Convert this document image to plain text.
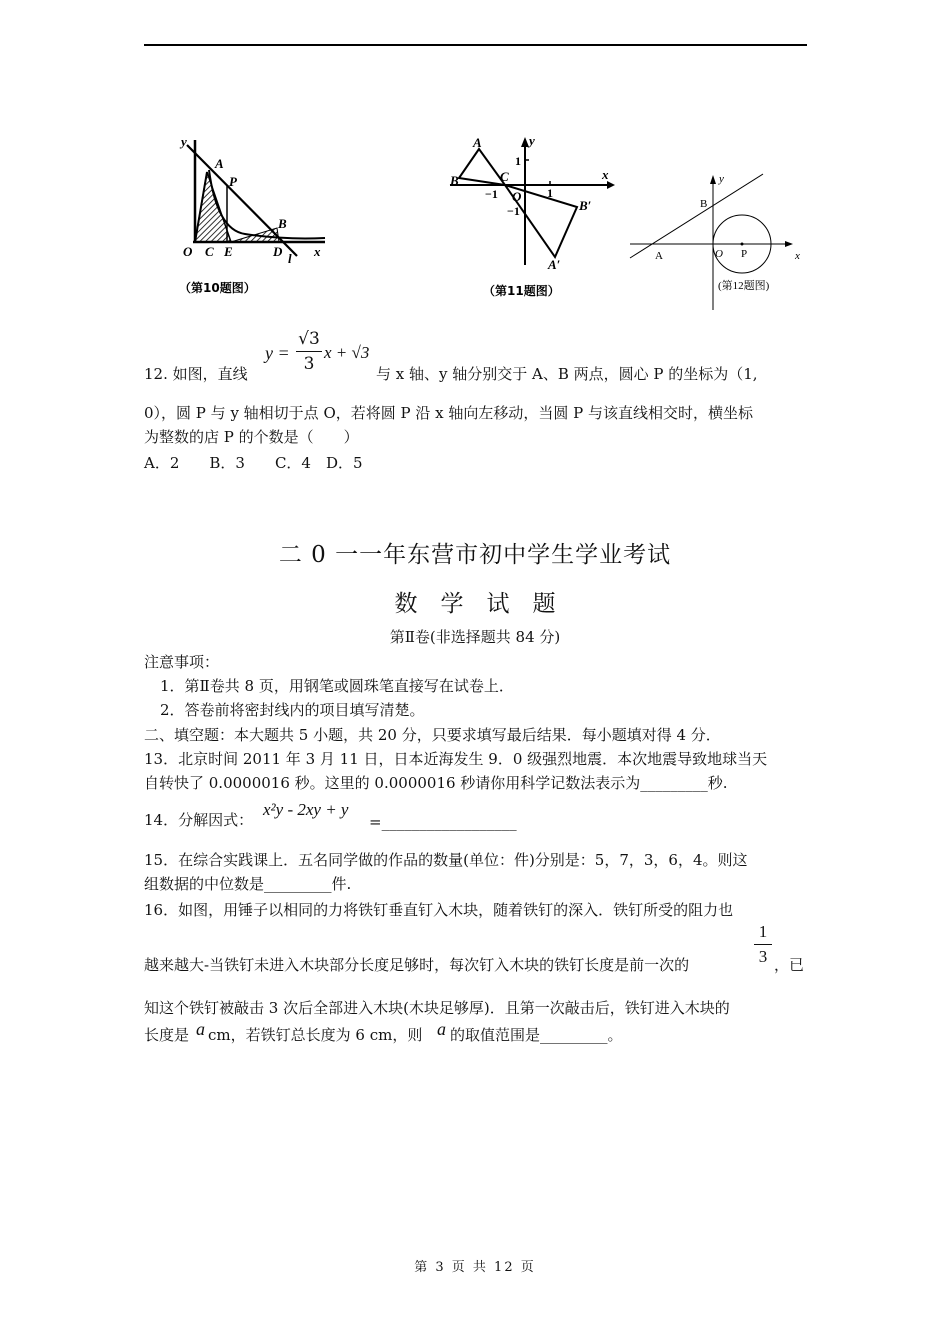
y
A
P
B
O C E	D l x
（第10题图）
A
B	C
y
1
−1 O 1
x
−1	B′
A′
（第11题图）
y
B
A	O P	x
(第12题图)
12. 如图，直线
y =
√3
3
x + √3
与 x 轴、y 轴分别交于 A、B 两点，圆心 P 的坐标为（1,
0），圆 P 与 y 轴相切于点 O，若将圆 P 沿 x 轴向左移动，当圆 P 与该直线相交时，横坐标
为整数的店 P 的个数是（　　）
A．2　　B．3　　C．4　D．5
二 0 一一年东营市初中学生学业考试
数　学　试　题
第Ⅱ卷(非选择题共 84 分)
注意事项：
1．第Ⅱ卷共 8 页，用钢笔或圆珠笔直接写在试卷上．
2．答卷前将密封线内的项目填写清楚。
二、填空题：本大题共 5 小题，共 20 分，只要求填写最后结果．每小题填对得 4 分．
13．北京时间 2011 年 3 月 11 日，日本近海发生 9．0 级强烈地震．本次地震导致地球当天
自转快了 0.0000016 秒。这里的 0.0000016 秒请你用科学记数法表示为_________秒.
14．分解因式：
x²y - 2xy + y
=__________________
15．在综合实践课上．五名同学做的作品的数量(单位：件)分别是：5，7，3，6，4。则这
组数据的中位数是_________件.
16．如图，用锤子以相同的力将铁钉垂直钉入木块，随着铁钉的深入．铁钉所受的阻力也
1
3
越来越大-当铁钉未进入木块部分长度足够时，每次钉入木块的铁钉长度是前一次的	，已
知这个铁钉被敲击 3 次后全部进入木块(木块足够厚)．且第一次敲击后，铁钉进入木块的
长度是 a cm，若铁钉总长度为 6 cm，则 a 的取值范围是_________。
第 3 页 共 12 页
